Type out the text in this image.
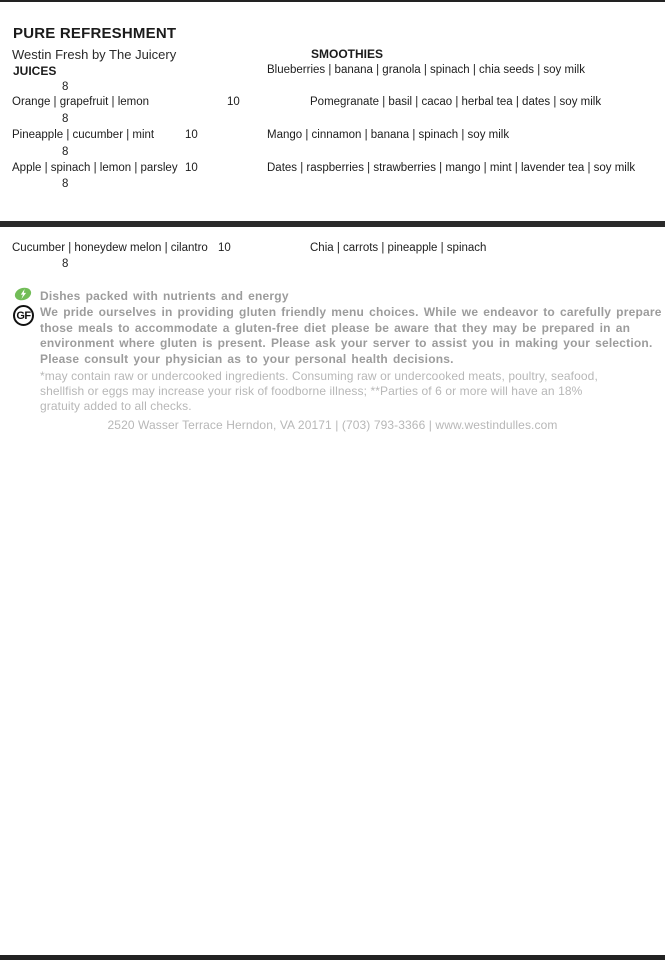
PURE REFRESHMENT
Westin Fresh by The Juicery
JUICES
SMOOTHIES
8
Orange | grapefruit | lemon	10
8
Pineapple | cucumber | mint	10
8
Apple | spinach | lemon | parsley 10
8
Blueberries | banana | granola | spinach | chia seeds | soy milk
Pomegranate | basil | cacao | herbal tea | dates | soy milk
Mango | cinnamon | banana | spinach | soy milk
Dates | raspberries | strawberries | mango | mint | lavender tea | soy milk
Cucumber | honeydew melon | cilantro 10
8
Chia | carrots | pineapple | spinach
Dishes packed with nutrients and energy
GF We pride ourselves in providing gluten friendly menu choices. While we endeavor to carefully prepare
those meals to accommodate a gluten-free diet please be aware that they may be prepared in an
environment where gluten is present. Please ask your server to assist you in making your selection.
Please consult your physician as to your personal health decisions.
*may contain raw or undercooked ingredients. Consuming raw or undercooked meats, poultry, seafood,
shellfish or eggs may increase your risk of foodborne illness; **Parties of 6 or more will have an 18%
gratuity added to all checks.
2520 Wasser Terrace Herndon, VA 20171 | (703) 793-3366 | www.westindulles.com
